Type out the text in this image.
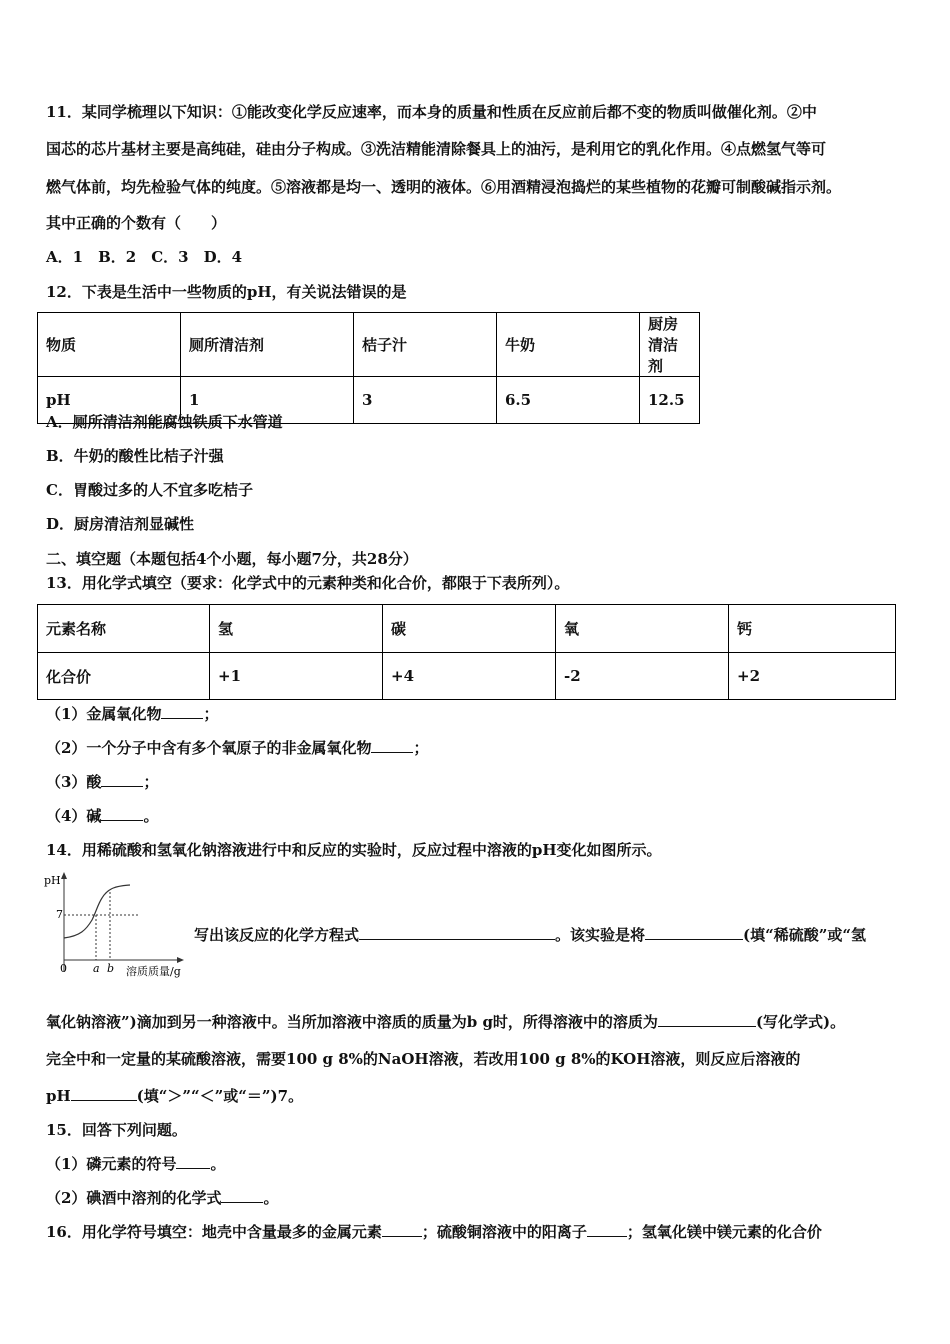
11．某同学梳理以下知识：①能改变化学反应速率，而本身的质量和性质在反应前后都不变的物质叫做催化剂。②中
国芯的芯片基材主要是高纯硅，硅由分子构成。③洗洁精能清除餐具上的油污，是利用它的乳化作用。④点燃氢气等可
燃气体前，均先检验气体的纯度。⑤溶液都是均一、透明的液体。⑥用酒精浸泡捣烂的某些植物的花瓣可制酸碱指示剂。
其中正确的个数有（　　）
A．1　B．2　C．3　D．4
12．下表是生活中一些物质的pH，有关说法错误的是
物质	厕所清洁剂	桔子汁	牛奶	厨房清洁剂
pH	1	3	6.5	12.5
A．厕所清洁剂能腐蚀铁质下水管道
B．牛奶的酸性比桔子汁强
C．胃酸过多的人不宜多吃桔子
D．厨房清洁剂显碱性
二、填空题（本题包括4个小题，每小题7分，共28分）
13．用化学式填空（要求：化学式中的元素种类和化合价，都限于下表所列）。
元素名称	氢	碳	氧	钙
化合价	+1	+4	-2	+2
（1）金属氧化物	；
（2）一个分子中含有多个氧原子的非金属氧化物	；
（3）酸	；
（4）碱	。
14．用稀硫酸和氢氧化钠溶液进行中和反应的实验时，反应过程中溶液的pH变化如图所示。
pH
7
0 a b 溶质质量/g
写出该反应的化学方程式	。该实验是将	(填“稀硫酸”或“氢
氧化钠溶液”)滴加到另一种溶液中。当所加溶液中溶质的质量为b g时，所得溶液中的溶质为	(写化学式)。
完全中和一定量的某硫酸溶液，需要100 g 8%的NaOH溶液，若改用100 g 8%的KOH溶液，则反应后溶液的
pH	(填“＞”“＜”或“＝”)7。
15．回答下列问题。
（1）磷元素的符号 。
（2）碘酒中溶剂的化学式	。
16．用化学符号填空：地壳中含量最多的金属元素	；硫酸铜溶液中的阳离子	；氢氧化镁中镁元素的化合价
